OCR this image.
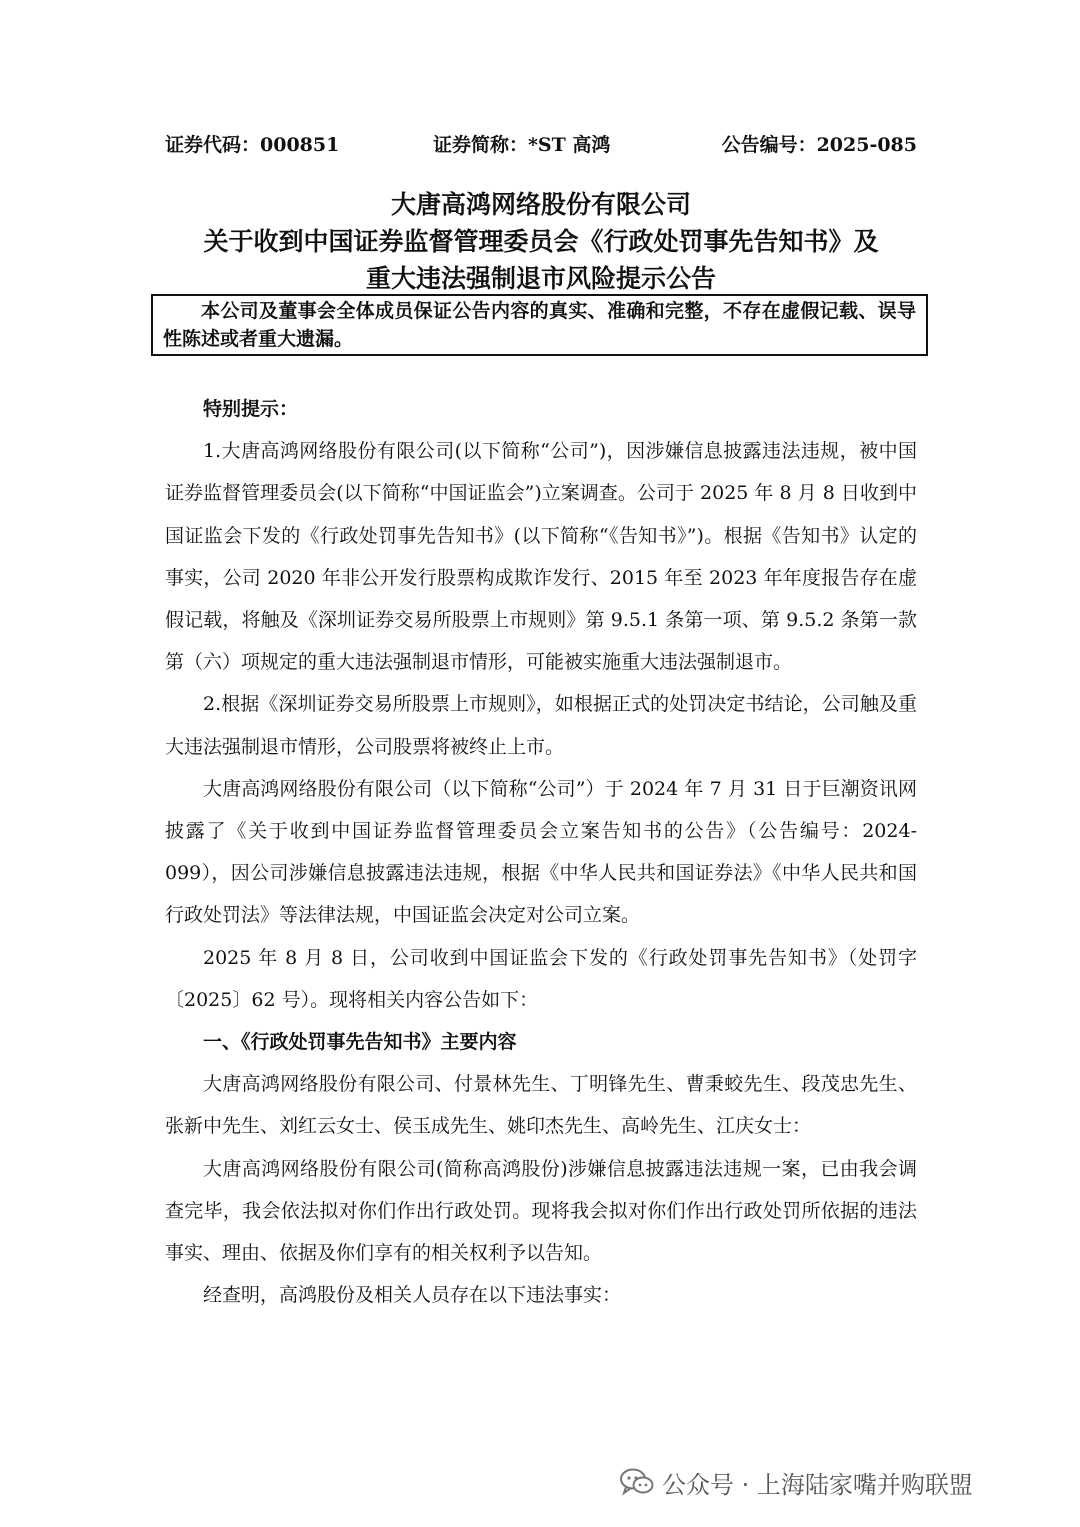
证券代码：000851	证券简称：*ST 高鸿	公告编号：2025-085
大唐高鸿网络股份有限公司
关于收到中国证券监督管理委员会《行政处罚事先告知书》及
重大违法强制退市风险提示公告

本公司及董事会全体成员保证公告内容的真实、准确和完整，不存在虚假记载、误导性陈述或者重大遗漏。

特别提示：

1.大唐高鸿网络股份有限公司(以下简称“公司”)，因涉嫌信息披露违法违规，被中国证券监督管理委员会(以下简称“中国证监会”)立案调查。公司于 2025 年 8 月 8 日收到中国证监会下发的《行政处罚事先告知书》(以下简称“《告知书》”)。根据《告知书》认定的事实，公司 2020 年非公开发行股票构成欺诈发行、2015 年至 2023 年年度报告存在虚假记载，将触及《深圳证券交易所股票上市规则》第 9.5.1 条第一项、第 9.5.2 条第一款第（六）项规定的重大违法强制退市情形，可能被实施重大违法强制退市。

2.根据《深圳证券交易所股票上市规则》，如根据正式的处罚决定书结论，公司触及重大违法强制退市情形，公司股票将被终止上市。

大唐高鸿网络股份有限公司（以下简称“公司”）于 2024 年 7 月 31 日于巨潮资讯网披露了《关于收到中国证券监督管理委员会立案告知书的公告》（公告编号：2024-099），因公司涉嫌信息披露违法违规，根据《中华人民共和国证券法》《中华人民共和国行政处罚法》等法律法规，中国证监会决定对公司立案。

2025 年 8 月 8 日，公司收到中国证监会下发的《行政处罚事先告知书》（处罚字〔2025〕62 号）。现将相关内容公告如下：

一、《行政处罚事先告知书》主要内容

大唐高鸿网络股份有限公司、付景林先生、丁明锋先生、曹秉蛟先生、段茂忠先生、张新中先生、刘红云女士、侯玉成先生、姚印杰先生、高岭先生、江庆女士：

大唐高鸿网络股份有限公司(简称高鸿股份)涉嫌信息披露违法违规一案，已由我会调查完毕，我会依法拟对你们作出行政处罚。现将我会拟对你们作出行政处罚所依据的违法事实、理由、依据及你们享有的相关权利予以告知。

经查明，高鸿股份及相关人员存在以下违法事实：

公众号 · 上海陆家嘴并购联盟
